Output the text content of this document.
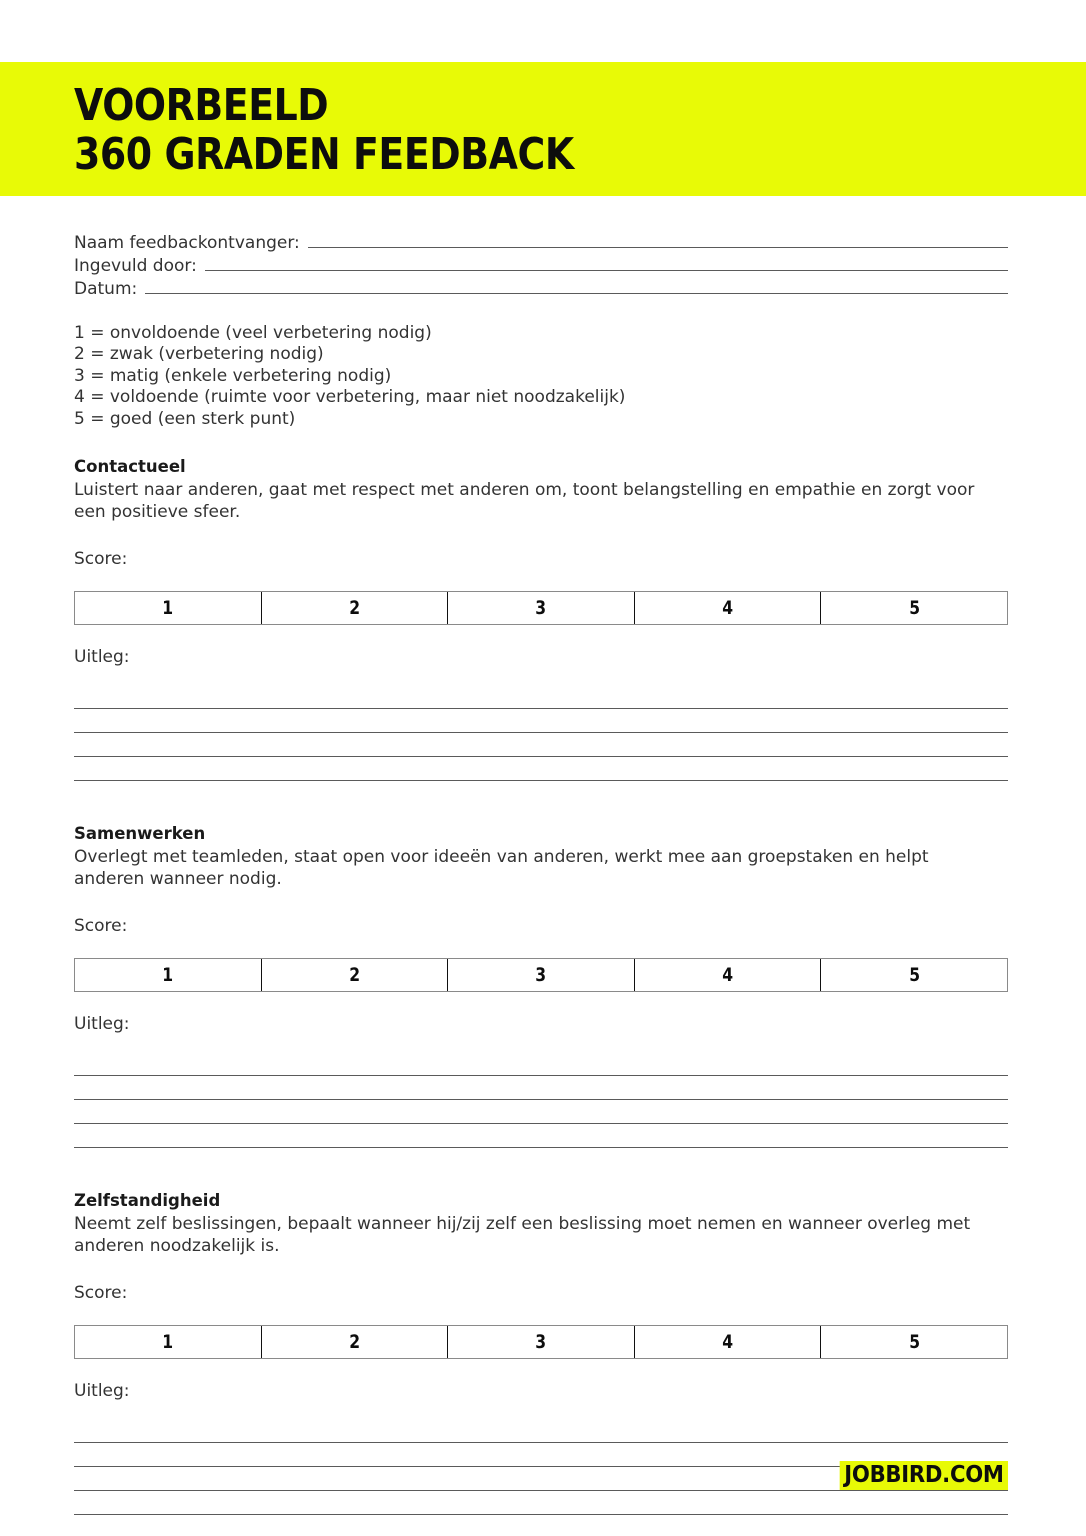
VOORBEELD
360 GRADEN FEEDBACK
Naam feedbackontvanger:
Ingevuld door:
Datum:
1 = onvoldoende (veel verbetering nodig)
2 = zwak (verbetering nodig)
3 = matig (enkele verbetering nodig)
4 = voldoende (ruimte voor verbetering, maar niet noodzakelijk)
5 = goed (een sterk punt)
Contactueel
Luistert naar anderen, gaat met respect met anderen om, toont belangstelling en empathie en zorgt voor een positieve sfeer.
Score:
1	2	3	4	5
Uitleg:
Samenwerken
Overlegt met teamleden, staat open voor ideeën van anderen, werkt mee aan groepstaken en helpt anderen wanneer nodig.
Score:
1	2	3	4	5
Uitleg:
Zelfstandigheid
Neemt zelf beslissingen, bepaalt wanneer hij/zij zelf een beslissing moet nemen en wanneer overleg met anderen noodzakelijk is.
Score:
1	2	3	4	5
Uitleg:
JOBBIRD.COM
